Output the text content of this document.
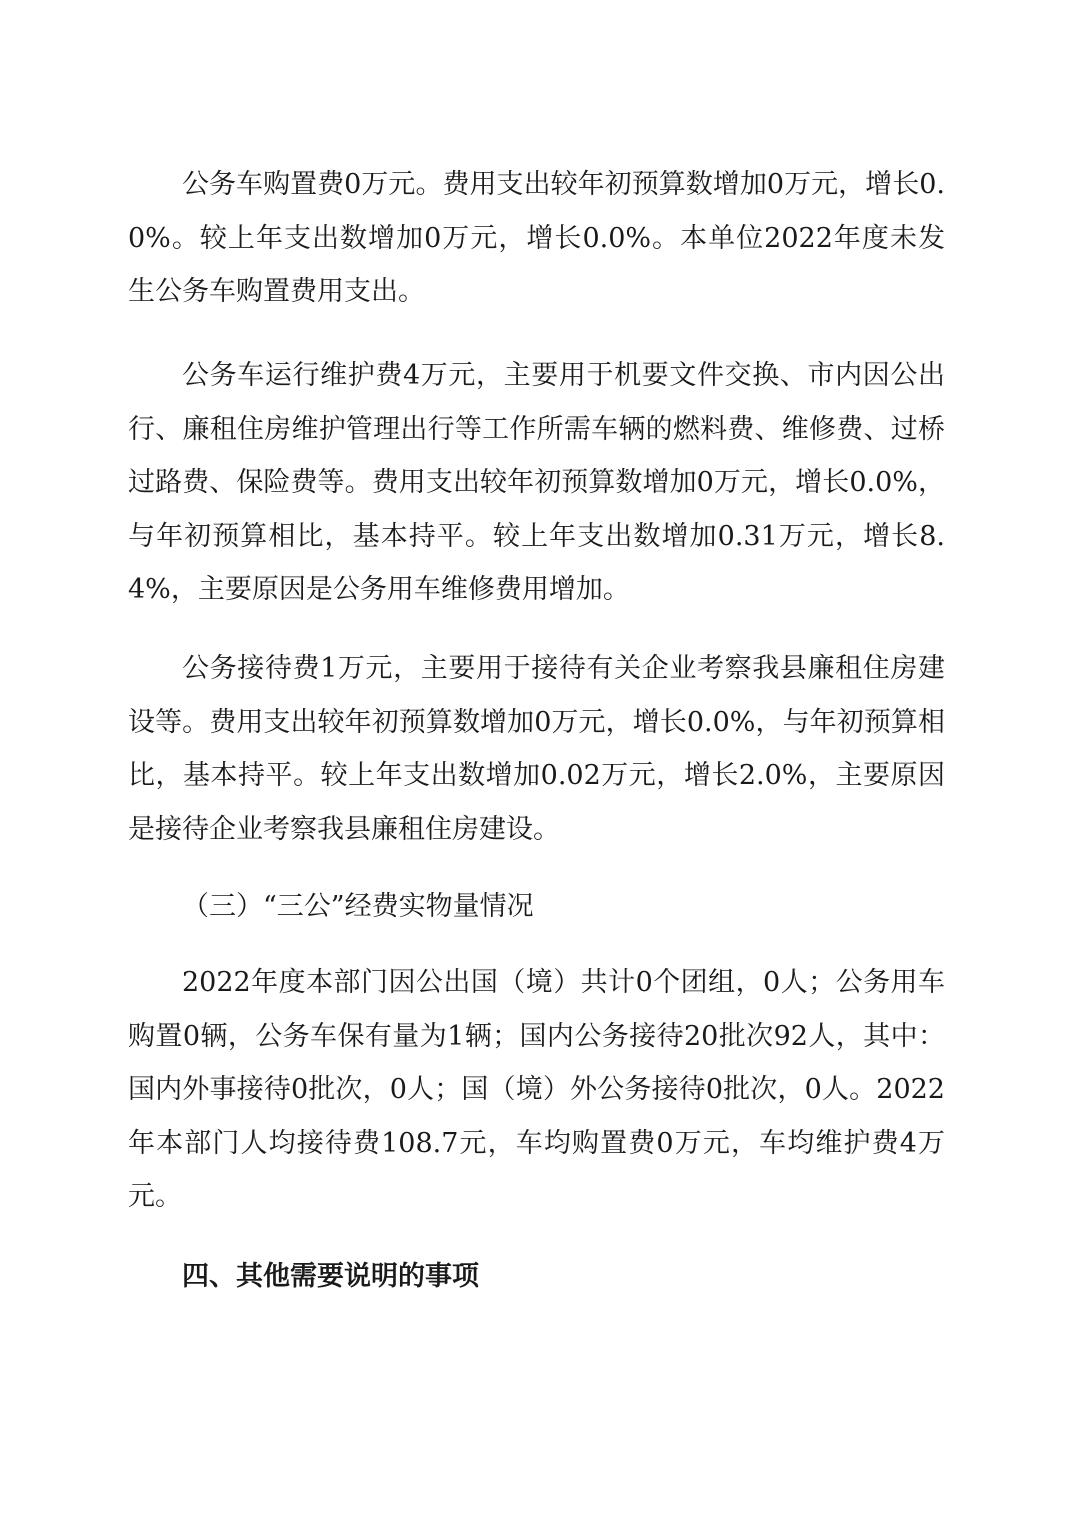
公务车购置费0万元。费用支出较年初预算数增加0万元，增长0.0%。较上年支出数增加0万元，增长0.0%。本单位2022年度未发生公务车购置费用支出。

公务车运行维护费4万元，主要用于机要文件交换、市内因公出行、廉租住房维护管理出行等工作所需车辆的燃料费、维修费、过桥过路费、保险费等。费用支出较年初预算数增加0万元，增长0.0%，与年初预算相比，基本持平。较上年支出数增加0.31万元，增长8.4%，主要原因是公务用车维修费用增加。

公务接待费1万元，主要用于接待有关企业考察我县廉租住房建设等。费用支出较年初预算数增加0万元，增长0.0%，与年初预算相比，基本持平。较上年支出数增加0.02万元，增长2.0%，主要原因是接待企业考察我县廉租住房建设。

（三）“三公”经费实物量情况

2022年度本部门因公出国（境）共计0个团组，0人；公务用车购置0辆，公务车保有量为1辆；国内公务接待20批次92人，其中：国内外事接待0批次，0人；国（境）外公务接待0批次，0人。2022年本部门人均接待费108.7元，车均购置费0万元，车均维护费4万元。

四、其他需要说明的事项
